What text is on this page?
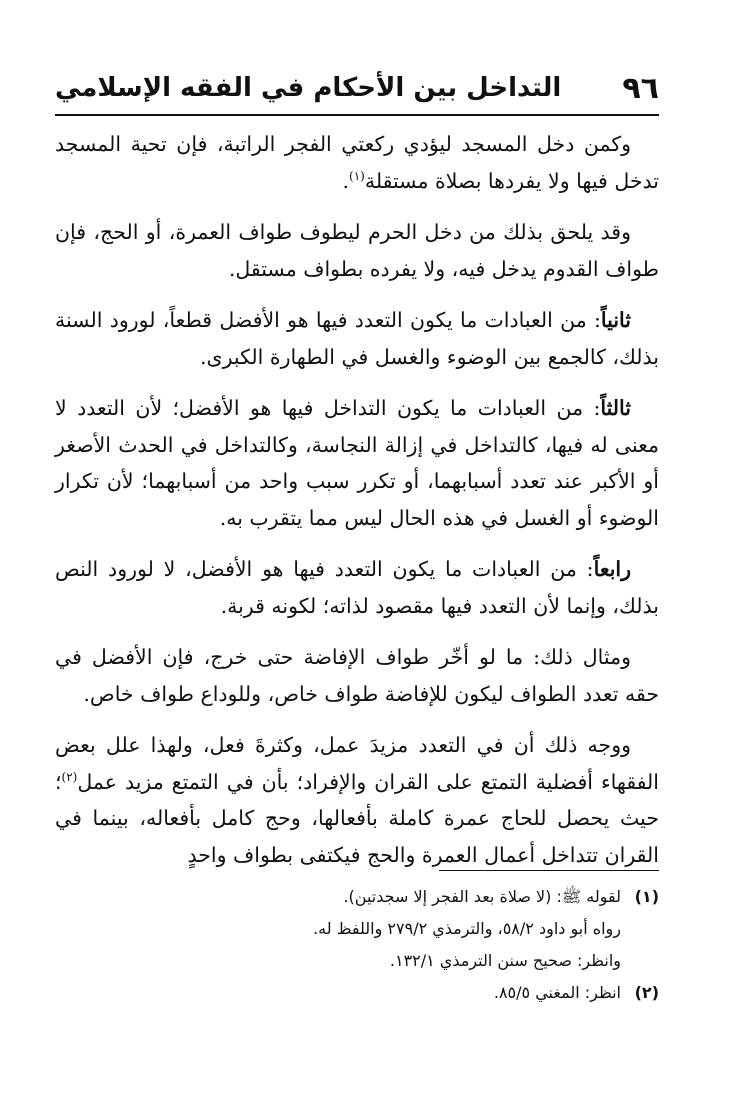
٩٦
التداخل بين الأحكام في الفقه الإسلامي

وكمن دخل المسجد ليؤدي ركعتي الفجر الراتبة، فإن تحية المسجد تدخل فيها ولا يفردها بصلاة مستقلة$^{(١)}$.

وقد يلحق بذلك من دخل الحرم ليطوف طواف العمرة، أو الحج، فإن طواف القدوم يدخل فيه، ولا يفرده بطواف مستقل.

ثانياً: من العبادات ما يكون التعدد فيها هو الأفضل قطعاً، لورود السنة بذلك، كالجمع بين الوضوء والغسل في الطهارة الكبرى.

ثالثاً: من العبادات ما يكون التداخل فيها هو الأفضل؛ لأن التعدد لا معنى له فيها، كالتداخل في إزالة النجاسة، وكالتداخل في الحدث الأصغر أو الأكبر عند تعدد أسبابهما، أو تكرر سبب واحد من أسبابهما؛ لأن تكرار الوضوء أو الغسل في هذه الحال ليس مما يتقرب به.

رابعاً: من العبادات ما يكون التعدد فيها هو الأفضل، لا لورود النص بذلك، وإنما لأن التعدد فيها مقصود لذاته؛ لكونه قربة.

ومثال ذلك: ما لو أخّر طواف الإفاضة حتى خرج، فإن الأفضل في حقه تعدد الطواف ليكون للإفاضة طواف خاص، وللوداع طواف خاص.

ووجه ذلك أن في التعدد مزيدَ عمل، وكثرةَ فعل، ولهذا علل بعض الفقهاء أفضلية التمتع على القران والإفراد؛ بأن في التمتع مزيد عمل$^{(٢)}$؛ حيث يحصل للحاج عمرة كاملة بأفعالها، وحج كامل بأفعاله، بينما في القران تتداخل أعمال العمرة والحج فيكتفى بطواف واحدٍ

(١)
لقوله ﷺ: (لا صلاة بعد الفجر إلا سجدتين).
رواه أبو داود ٥٨/٢، والترمذي ٢٧٩/٢ واللفظ له.
وانظر: صحيح سنن الترمذي ١٣٢/١.
(٢)
انظر: المغني ٨٥/٥.
